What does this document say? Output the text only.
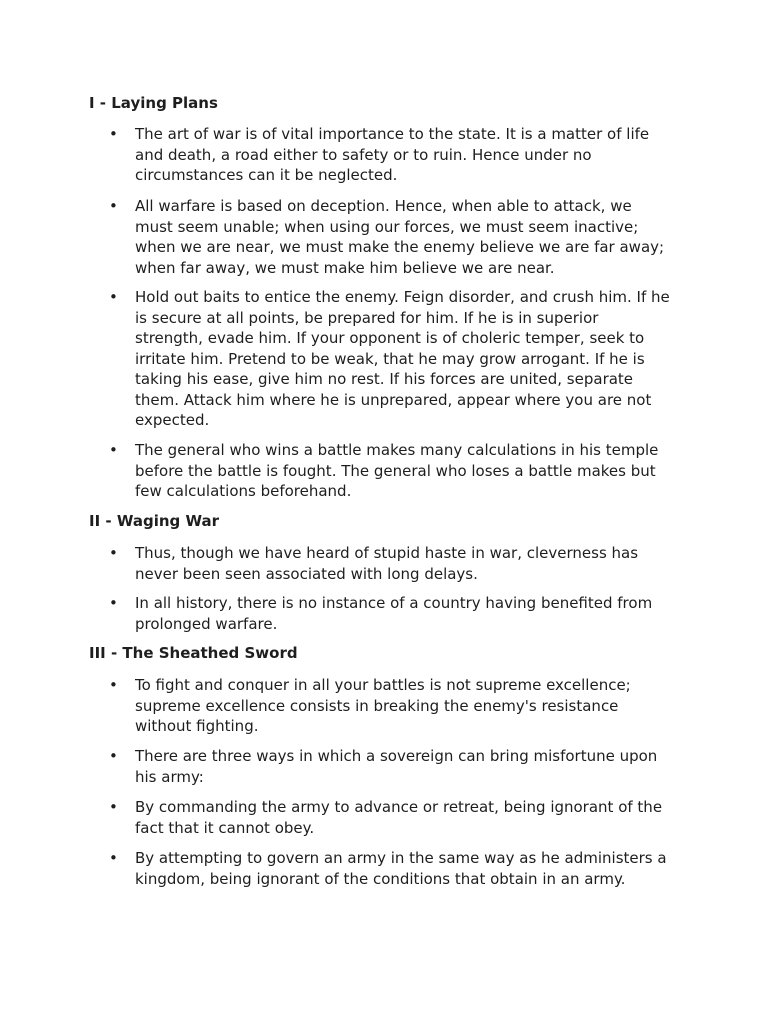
I - Laying Plans
• The art of war is of vital importance to the state. It is a matter of life
and death, a road either to safety or to ruin. Hence under no
circumstances can it be neglected.
• All warfare is based on deception. Hence, when able to attack, we
must seem unable; when using our forces, we must seem inactive;
when we are near, we must make the enemy believe we are far away;
when far away, we must make him believe we are near.
• Hold out baits to entice the enemy. Feign disorder, and crush him. If he
is secure at all points, be prepared for him. If he is in superior
strength, evade him. If your opponent is of choleric temper, seek to
irritate him. Pretend to be weak, that he may grow arrogant. If he is
taking his ease, give him no rest. If his forces are united, separate
them. Attack him where he is unprepared, appear where you are not
expected.
• The general who wins a battle makes many calculations in his temple
before the battle is fought. The general who loses a battle makes but
few calculations beforehand.
II - Waging War
• Thus, though we have heard of stupid haste in war, cleverness has
never been seen associated with long delays.
• In all history, there is no instance of a country having benefited from
prolonged warfare.
III - The Sheathed Sword
• To fight and conquer in all your battles is not supreme excellence;
supreme excellence consists in breaking the enemy's resistance
without fighting.
• There are three ways in which a sovereign can bring misfortune upon
his army:
• By commanding the army to advance or retreat, being ignorant of the
fact that it cannot obey.
• By attempting to govern an army in the same way as he administers a
kingdom, being ignorant of the conditions that obtain in an army.
